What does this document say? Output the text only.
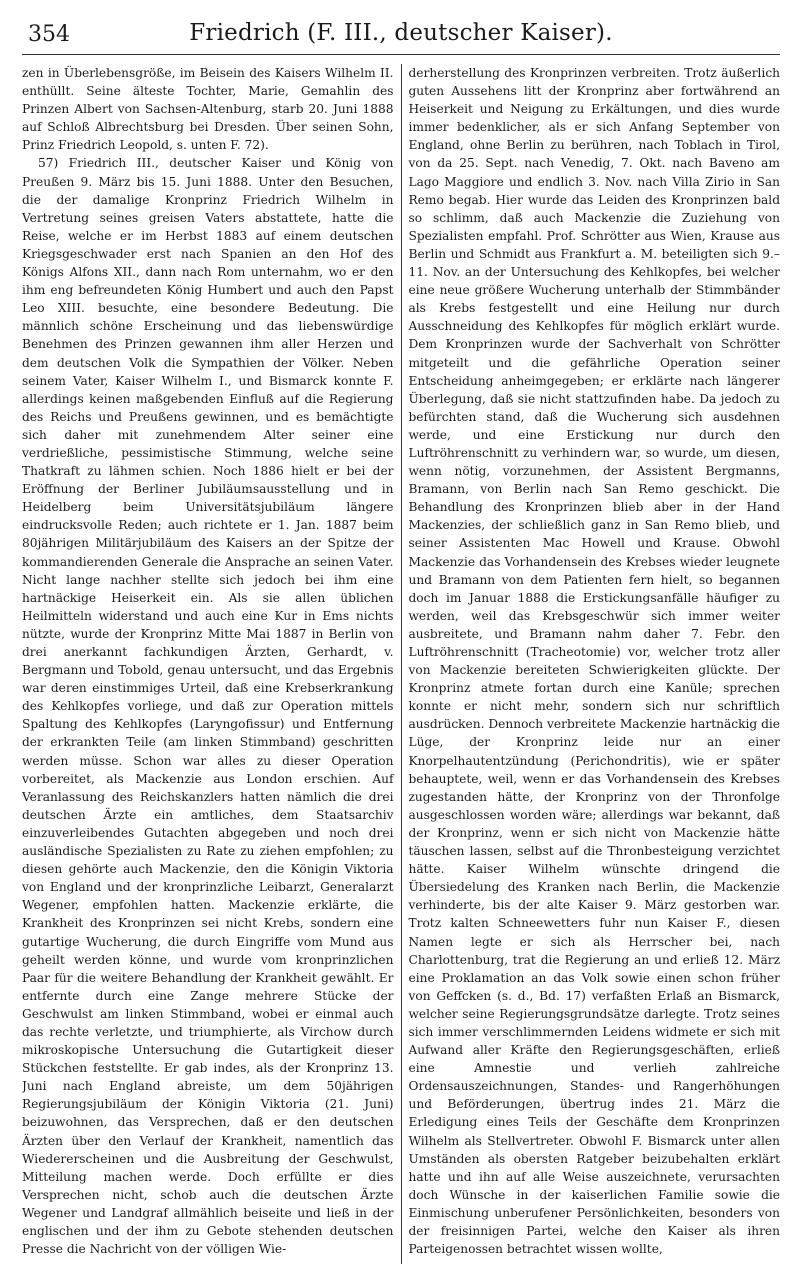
354	Friedrich (F. III., deutscher Kaiser).

zen in Überlebensgröße, im Beisein des Kaisers Wilhelm II. enthüllt. Seine älteste Tochter, Marie, Gemahlin des Prinzen Albert von Sachsen-Altenburg, starb 20. Juni 1888 auf Schloß Albrechtsburg bei Dresden. Über seinen Sohn, Prinz Friedrich Leopold, s. unten F. 72).

57) Friedrich III., deutscher Kaiser und König von Preußen 9. März bis 15. Juni 1888. Unter den Besuchen, die der damalige Kronprinz Friedrich Wilhelm in Vertretung seines greisen Vaters abstattete, hatte die Reise, welche er im Herbst 1883 auf einem deutschen Kriegsgeschwader erst nach Spanien an den Hof des Königs Alfons XII., dann nach Rom unternahm, wo er den ihm eng befreundeten König Humbert und auch den Papst Leo XIII. besuchte, eine besondere Bedeutung. Die männlich schöne Erscheinung und das liebenswürdige Benehmen des Prinzen gewannen ihm aller Herzen und dem deutschen Volk die Sympathien der Völker. Neben seinem Vater, Kaiser Wilhelm I., und Bismarck konnte F. allerdings keinen maßgebenden Einfluß auf die Regierung des Reichs und Preußens gewinnen, und es bemächtigte sich daher mit zunehmendem Alter seiner eine verdrießliche, pessimistische Stimmung, welche seine Thatkraft zu lähmen schien. Noch 1886 hielt er bei der Eröffnung der Berliner Jubiläumsausstellung und in Heidelberg beim Universitätsjubiläum längere eindrucksvolle Reden; auch richtete er 1. Jan. 1887 beim 80jährigen Militärjubiläum des Kaisers an der Spitze der kommandierenden Generale die Ansprache an seinen Vater. Nicht lange nachher stellte sich jedoch bei ihm eine hartnäckige Heiserkeit ein. Als sie allen üblichen Heilmitteln widerstand und auch eine Kur in Ems nichts nützte, wurde der Kronprinz Mitte Mai 1887 in Berlin von drei anerkannt fachkundigen Ärzten, Gerhardt, v. Bergmann und Tobold, genau untersucht, und das Ergebnis war deren einstimmiges Urteil, daß eine Krebserkrankung des Kehlkopfes vorliege, und daß zur Operation mittels Spaltung des Kehlkopfes (Laryngofissur) und Entfernung der erkrankten Teile (am linken Stimmband) geschritten werden müsse. Schon war alles zu dieser Operation vorbereitet, als Mackenzie aus London erschien. Auf Veranlassung des Reichskanzlers hatten nämlich die drei deutschen Ärzte ein amtliches, dem Staatsarchiv einzuverleibendes Gutachten abgegeben und noch drei ausländische Spezialisten zu Rate zu ziehen empfohlen; zu diesen gehörte auch Mackenzie, den die Königin Viktoria von England und der kronprinzliche Leibarzt, Generalarzt Wegener, empfohlen hatten. Mackenzie erklärte, die Krankheit des Kronprinzen sei nicht Krebs, sondern eine gutartige Wucherung, die durch Eingriffe vom Mund aus geheilt werden könne, und wurde vom kronprinzlichen Paar für die weitere Behandlung der Krankheit gewählt. Er entfernte durch eine Zange mehrere Stücke der Geschwulst am linken Stimmband, wobei er einmal auch das rechte verletzte, und triumphierte, als Virchow durch mikroskopische Untersuchung die Gutartigkeit dieser Stückchen feststellte. Er gab indes, als der Kronprinz 13. Juni nach England abreiste, um dem 50jährigen Regierungsjubiläum der Königin Viktoria (21. Juni) beizuwohnen, das Versprechen, daß er den deutschen Ärzten über den Verlauf der Krankheit, namentlich das Wiedererscheinen und die Ausbreitung der Geschwulst, Mitteilung machen werde. Doch erfüllte er dies Versprechen nicht, schob auch die deutschen Ärzte Wegener und Landgraf allmählich beiseite und ließ in der englischen und der ihm zu Gebote stehenden deutschen Presse die Nachricht von der völligen Wie-

derherstellung des Kronprinzen verbreiten. Trotz äußerlich guten Aussehens litt der Kronprinz aber fortwährend an Heiserkeit und Neigung zu Erkältungen, und dies wurde immer bedenklicher, als er sich Anfang September von England, ohne Berlin zu berühren, nach Toblach in Tirol, von da 25. Sept. nach Venedig, 7. Okt. nach Baveno am Lago Maggiore und endlich 3. Nov. nach Villa Zirio in San Remo begab. Hier wurde das Leiden des Kronprinzen bald so schlimm, daß auch Mackenzie die Zuziehung von Spezialisten empfahl. Prof. Schrötter aus Wien, Krause aus Berlin und Schmidt aus Frankfurt a. M. beteiligten sich 9.–11. Nov. an der Untersuchung des Kehlkopfes, bei welcher eine neue größere Wucherung unterhalb der Stimmbänder als Krebs festgestellt und eine Heilung nur durch Ausschneidung des Kehlkopfes für möglich erklärt wurde. Dem Kronprinzen wurde der Sachverhalt von Schrötter mitgeteilt und die gefährliche Operation seiner Entscheidung anheimgegeben; er erklärte nach längerer Überlegung, daß sie nicht stattzufinden habe. Da jedoch zu befürchten stand, daß die Wucherung sich ausdehnen werde, und eine Erstickung nur durch den Luftröhrenschnitt zu verhindern war, so wurde, um diesen, wenn nötig, vorzunehmen, der Assistent Bergmanns, Bramann, von Berlin nach San Remo geschickt. Die Behandlung des Kronprinzen blieb aber in der Hand Mackenzies, der schließlich ganz in San Remo blieb, und seiner Assistenten Mac Howell und Krause. Obwohl Mackenzie das Vorhandensein des Krebses wieder leugnete und Bramann von dem Patienten fern hielt, so begannen doch im Januar 1888 die Erstickungsanfälle häufiger zu werden, weil das Krebsgeschwür sich immer weiter ausbreitete, und Bramann nahm daher 7. Febr. den Luftröhrenschnitt (Tracheotomie) vor, welcher trotz aller von Mackenzie bereiteten Schwierigkeiten glückte. Der Kronprinz atmete fortan durch eine Kanüle; sprechen konnte er nicht mehr, sondern sich nur schriftlich ausdrücken. Dennoch verbreitete Mackenzie hartnäckig die Lüge, der Kronprinz leide nur an einer Knorpelhautentzündung (Perichondritis), wie er später behauptete, weil, wenn er das Vorhandensein des Krebses zugestanden hätte, der Kronprinz von der Thronfolge ausgeschlossen worden wäre; allerdings war bekannt, daß der Kronprinz, wenn er sich nicht von Mackenzie hätte täuschen lassen, selbst auf die Thronbesteigung verzichtet hätte. Kaiser Wilhelm wünschte dringend die Übersiedelung des Kranken nach Berlin, die Mackenzie verhinderte, bis der alte Kaiser 9. März gestorben war. Trotz kalten Schneewetters fuhr nun Kaiser F., diesen Namen legte er sich als Herrscher bei, nach Charlottenburg, trat die Regierung an und erließ 12. März eine Proklamation an das Volk sowie einen schon früher von Geffcken (s. d., Bd. 17) verfaßten Erlaß an Bismarck, welcher seine Regierungsgrundsätze darlegte. Trotz seines sich immer verschlimmernden Leidens widmete er sich mit Aufwand aller Kräfte den Regierungsgeschäften, erließ eine Amnestie und verlieh zahlreiche Ordensauszeichnungen, Standes- und Rangerhöhungen und Beförderungen, übertrug indes 21. März die Erledigung eines Teils der Geschäfte dem Kronprinzen Wilhelm als Stellvertreter. Obwohl F. Bismarck unter allen Umständen als obersten Ratgeber beizubehalten erklärt hatte und ihn auf alle Weise auszeichnete, verursachten doch Wünsche in der kaiserlichen Familie sowie die Einmischung unberufener Persönlichkeiten, besonders von der freisinnigen Partei, welche den Kaiser als ihren Parteigenossen betrachtet wissen wollte,
